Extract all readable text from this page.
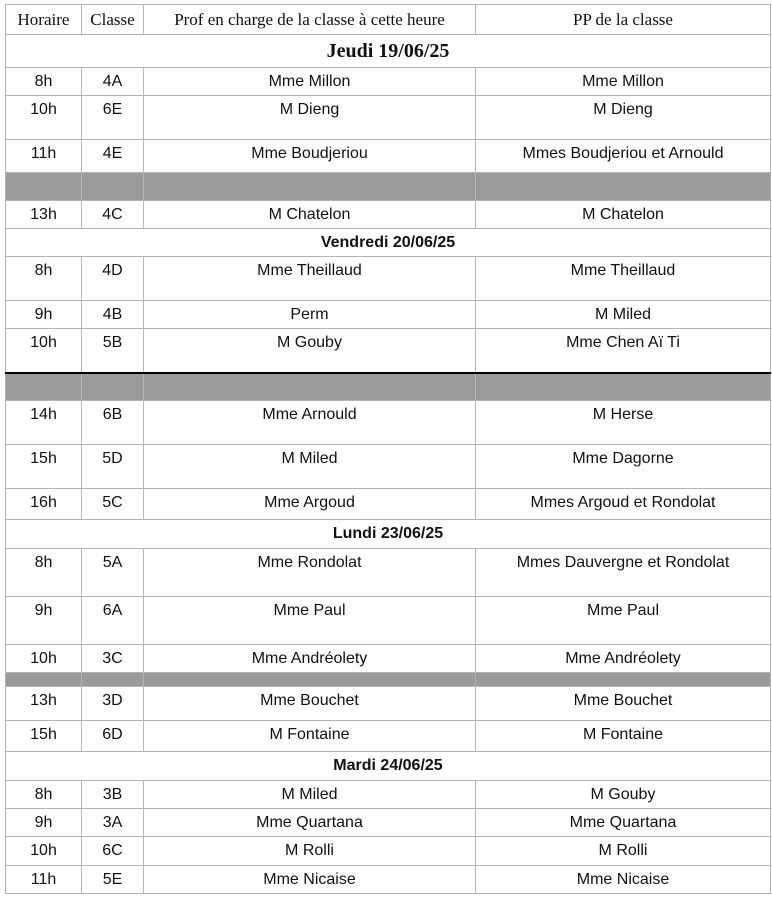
Horaire	Classe	Prof en charge de la classe à cette heure	PP de la classe
Jeudi 19/06/25			
8h	4A	Mme Millon	Mme Millon
10h	6E	M Dieng	M Dieng
11h	4E	Mme Boudjeriou	Mmes Boudjeriou et Arnould

13h	4C	M Chatelon	M Chatelon
Vendredi 20/06/25			
8h	4D	Mme Theillaud	Mme Theillaud
9h	4B	Perm	M Miled
10h	5B	M Gouby	Mme Chen Aï Ti

14h	6B	Mme Arnould	M Herse
15h	5D	M Miled	Mme Dagorne
16h	5C	Mme Argoud	Mmes Argoud et Rondolat
Lundi 23/06/25			
8h	5A	Mme Rondolat	Mmes Dauvergne et Rondolat
9h	6A	Mme Paul	Mme Paul
10h	3C	Mme Andréolety	Mme Andréolety

13h	3D	Mme Bouchet	Mme Bouchet
15h	6D	M Fontaine	M Fontaine
Mardi 24/06/25			
8h	3B	M Miled	M Gouby
9h	3A	Mme Quartana	Mme Quartana
10h	6C	M Rolli	M Rolli
11h	5E	Mme Nicaise	Mme Nicaise
